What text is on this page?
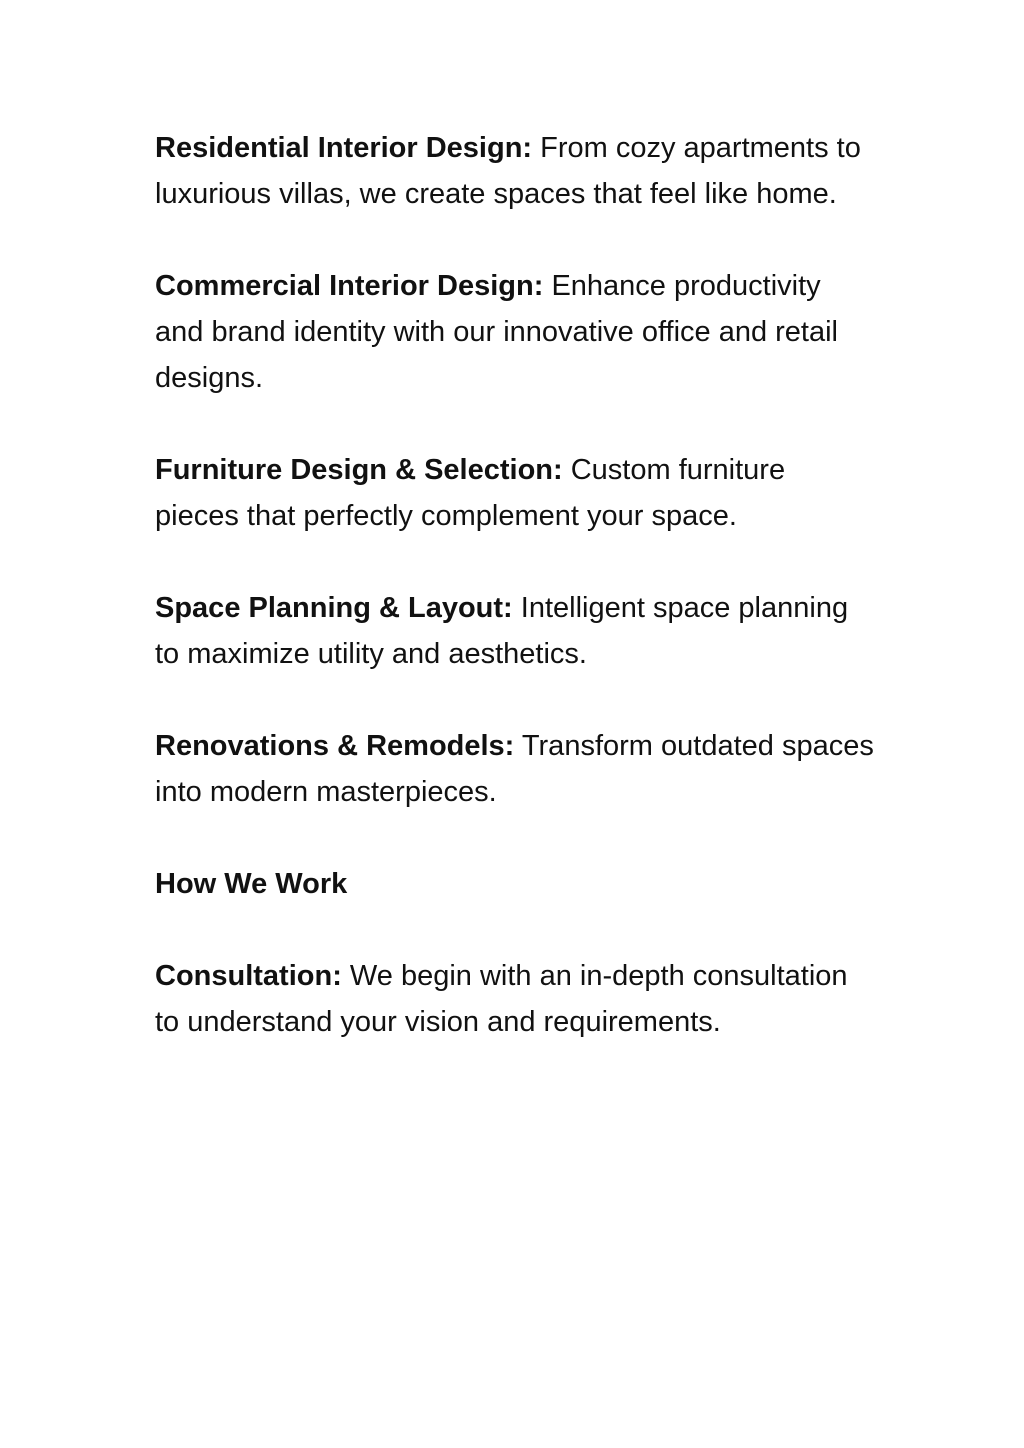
Residential Interior Design: From cozy apartments to luxurious villas, we create spaces that feel like home.

Commercial Interior Design: Enhance productivity and brand identity with our innovative office and retail designs.

Furniture Design & Selection: Custom furniture pieces that perfectly complement your space.

Space Planning & Layout: Intelligent space planning to maximize utility and aesthetics.

Renovations & Remodels: Transform outdated spaces into modern masterpieces.

How We Work

Consultation: We begin with an in-depth consultation to understand your vision and requirements.
